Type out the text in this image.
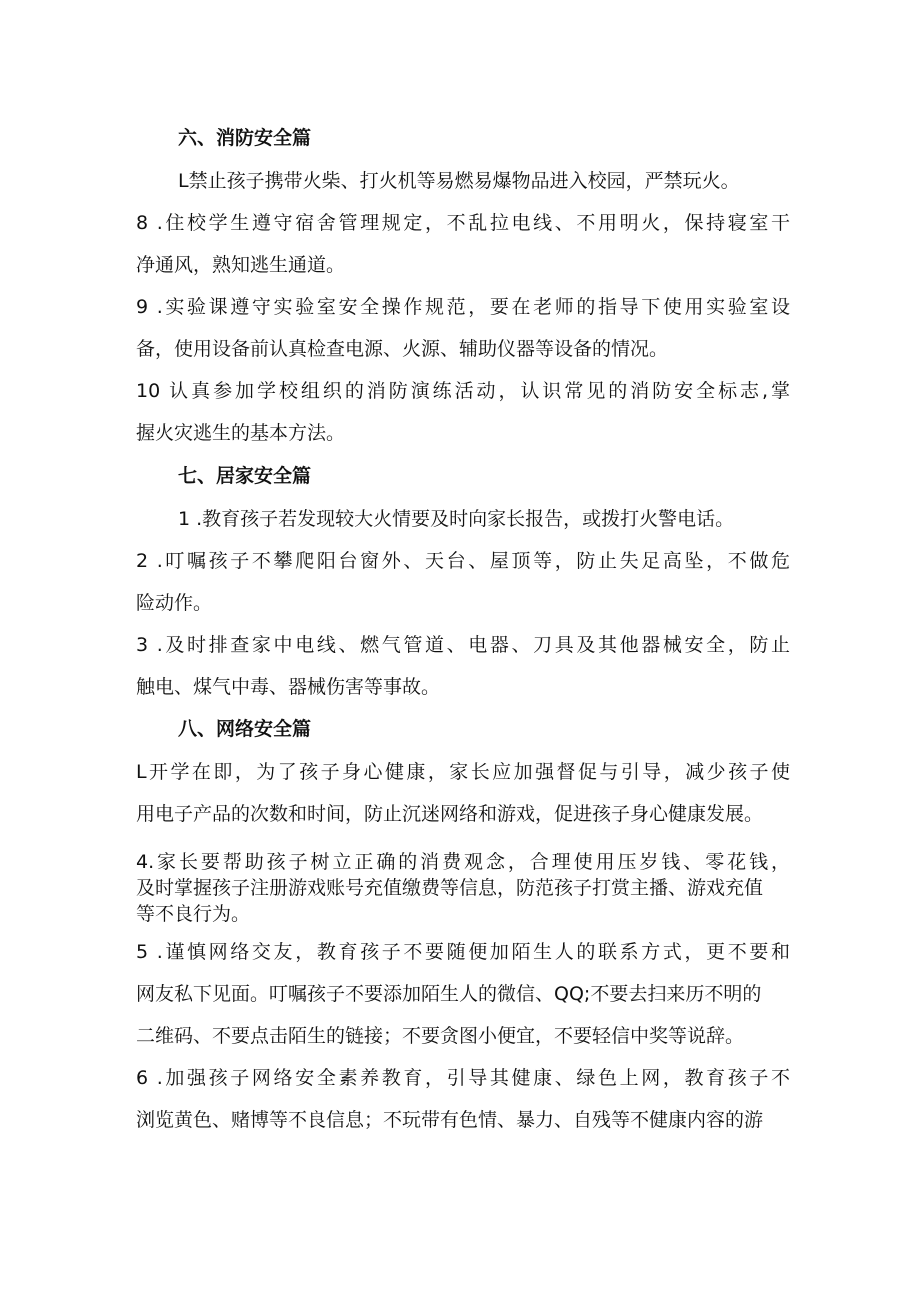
六、消防安全篇

L禁止孩子携带火柴、打火机等易燃易爆物品进入校园，严禁玩火。

8 .住校学生遵守宿舍管理规定，不乱拉电线、不用明火，保持寝室干

净通风，熟知逃生通道。

9 .实验课遵守实验室安全操作规范，要在老师的指导下使用实验室设

备，使用设备前认真检查电源、火源、辅助仪器等设备的情况。

10 认真参加学校组织的消防演练活动，认识常见的消防安全标志,掌

握火灾逃生的基本方法。

七、居家安全篇

1 .教育孩子若发现较大火情要及时向家长报告，或拨打火警电话。

2 .叮嘱孩子不攀爬阳台窗外、天台、屋顶等，防止失足高坠，不做危

险动作。

3 .及时排查家中电线、燃气管道、电器、刀具及其他器械安全，防止

触电、煤气中毒、器械伤害等事故。

八、网络安全篇

L开学在即，为了孩子身心健康，家长应加强督促与引导，减少孩子使

用电子产品的次数和时间，防止沉迷网络和游戏，促进孩子身心健康发展。

4.家长要帮助孩子树立正确的消费观念，合理使用压岁钱、零花钱，

及时掌握孩子注册游戏账号充值缴费等信息，防范孩子打赏主播、游戏充值

等不良行为。

5 .谨慎网络交友，教育孩子不要随便加陌生人的联系方式，更不要和

网友私下见面。叮嘱孩子不要添加陌生人的微信、QQ;不要去扫来历不明的

二维码、不要点击陌生的链接；不要贪图小便宜，不要轻信中奖等说辞。

6 .加强孩子网络安全素养教育，引导其健康、绿色上网，教育孩子不

浏览黄色、赌博等不良信息；不玩带有色情、暴力、自残等不健康内容的游
